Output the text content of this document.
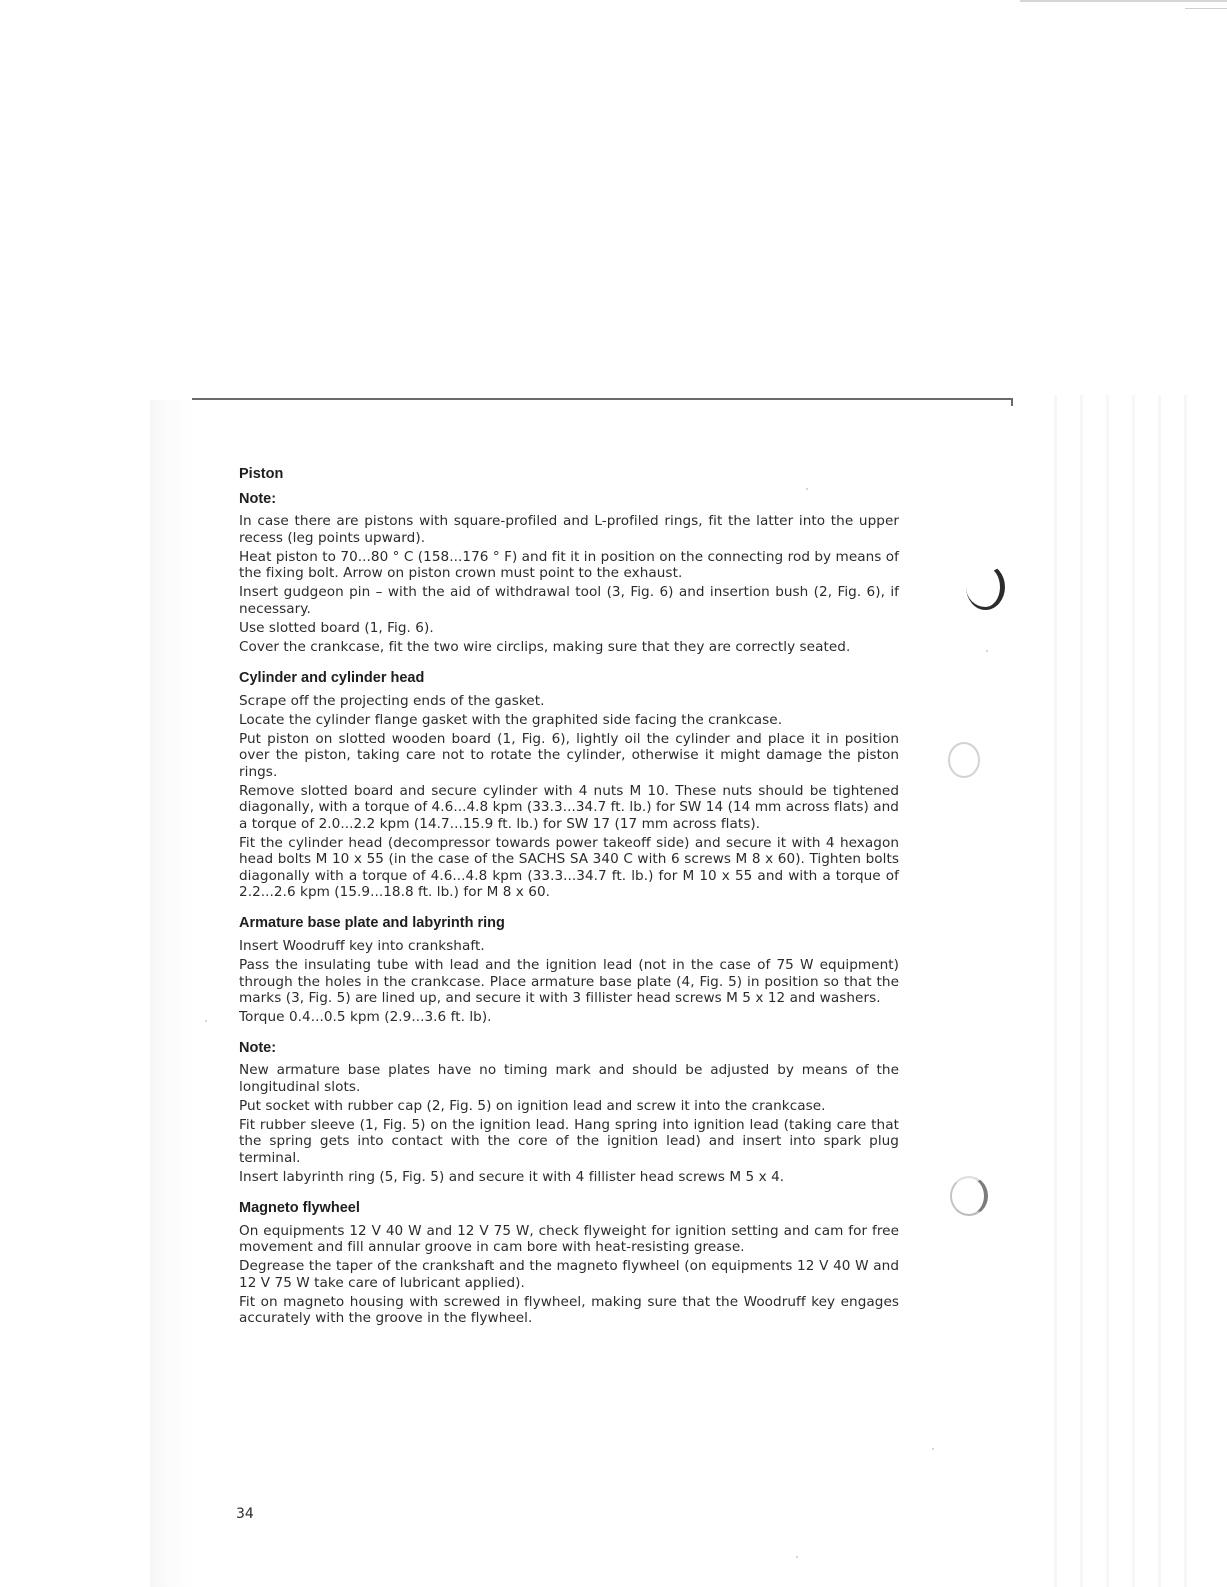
Piston
Note:
In case there are pistons with square-profiled and L-profiled rings, fit the latter into the upper recess (leg points upward).
Heat piston to 70...80 ° C (158...176 ° F) and fit it in position on the connecting rod by means of the fixing bolt. Arrow on piston crown must point to the exhaust.
Insert gudgeon pin – with the aid of withdrawal tool (3, Fig. 6) and insertion bush (2, Fig. 6), if necessary.
Use slotted board (1, Fig. 6).
Cover the crankcase, fit the two wire circlips, making sure that they are correctly seated.
Cylinder and cylinder head
Scrape off the projecting ends of the gasket.
Locate the cylinder flange gasket with the graphited side facing the crankcase.
Put piston on slotted wooden board (1, Fig. 6), lightly oil the cylinder and place it in position over the piston, taking care not to rotate the cylinder, otherwise it might damage the piston rings.
Remove slotted board and secure cylinder with 4 nuts M 10. These nuts should be tightened diagonally, with a torque of 4.6...4.8 kpm (33.3...34.7 ft. lb.) for SW 14 (14 mm across flats) and a torque of 2.0...2.2 kpm (14.7...15.9 ft. lb.) for SW 17 (17 mm across flats).
Fit the cylinder head (decompressor towards power takeoff side) and secure it with 4 hexagon head bolts M 10 x 55 (in the case of the SACHS SA 340 C with 6 screws M 8 x 60). Tighten bolts diagonally with a torque of 4.6...4.8 kpm (33.3...34.7 ft. lb.) for M 10 x 55 and with a torque of 2.2...2.6 kpm (15.9...18.8 ft. lb.) for M 8 x 60.
Armature base plate and labyrinth ring
Insert Woodruff key into crankshaft.
Pass the insulating tube with lead and the ignition lead (not in the case of 75 W equipment) through the holes in the crankcase. Place armature base plate (4, Fig. 5) in position so that the marks (3, Fig. 5) are lined up, and secure it with 3 fillister head screws M 5 x 12 and washers.
Torque 0.4...0.5 kpm (2.9...3.6 ft. lb).
Note:
New armature base plates have no timing mark and should be adjusted by means of the longitudinal slots.
Put socket with rubber cap (2, Fig. 5) on ignition lead and screw it into the crankcase.
Fit rubber sleeve (1, Fig. 5) on the ignition lead. Hang spring into ignition lead (taking care that the spring gets into contact with the core of the ignition lead) and insert into spark plug terminal.
Insert labyrinth ring (5, Fig. 5) and secure it with 4 fillister head screws M 5 x 4.
Magneto flywheel
On equipments 12 V 40 W and 12 V 75 W, check flyweight for ignition setting and cam for free movement and fill annular groove in cam bore with heat-resisting grease.
Degrease the taper of the crankshaft and the magneto flywheel (on equipments 12 V 40 W and 12 V 75 W take care of lubricant applied).
Fit on magneto housing with screwed in flywheel, making sure that the Woodruff key engages accurately with the groove in the flywheel.
34
